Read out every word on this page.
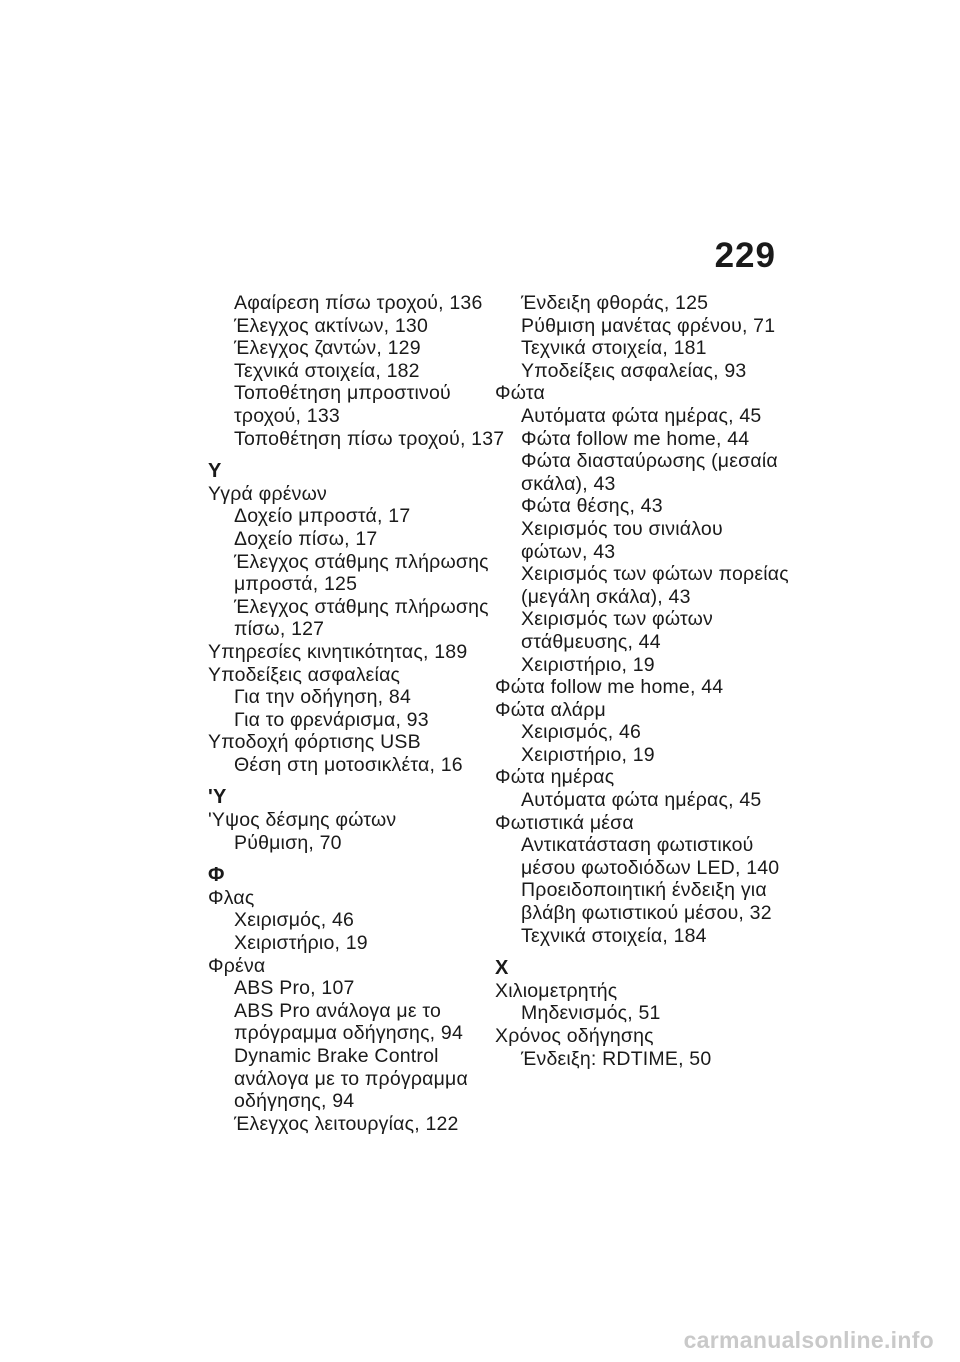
229
Αφαίρεση πίσω τροχού, 136
Έλεγχος ακτίνων, 130
Έλεγχος ζαντών, 129
Τεχνικά στοιχεία, 182
Τοποθέτηση μπροστινού
τροχού, 133
Τοποθέτηση πίσω τροχού, 137
Υ
Υγρά φρένων
Δοχείο μπροστά, 17
Δοχείο πίσω, 17
Έλεγχος στάθμης πλήρωσης
μπροστά, 125
Έλεγχος στάθμης πλήρωσης
πίσω, 127
Υπηρεσίες κινητικότητας, 189
Υποδείξεις ασφαλείας
Για την οδήγηση, 84
Για το φρενάρισμα, 93
Υποδοχή φόρτισης USB
Θέση στη μοτοσικλέτα, 16
'Υ
'Υψος δέσμης φώτων
Ρύθμιση, 70
Φ
Φλας
Χειρισμός, 46
Χειριστήριο, 19
Φρένα
ABS Pro, 107
ABS Pro ανάλογα με το
πρόγραμμα οδήγησης, 94
Dynamic Brake Control
ανάλογα με το πρόγραμμα
οδήγησης, 94
Έλεγχος λειτουργίας, 122
Ένδειξη φθοράς, 125
Ρύθμιση μανέτας φρένου, 71
Τεχνικά στοιχεία, 181
Υποδείξεις ασφαλείας, 93
Φώτα
Αυτόματα φώτα ημέρας, 45
Φώτα follow me home, 44
Φώτα διασταύρωσης (μεσαία
σκάλα), 43
Φώτα θέσης, 43
Χειρισμός του σινιάλου
φώτων, 43
Χειρισμός των φώτων πορείας
(μεγάλη σκάλα), 43
Χειρισμός των φώτων
στάθμευσης, 44
Χειριστήριο, 19
Φώτα follow me home, 44
Φώτα αλάρμ
Χειρισμός, 46
Χειριστήριο, 19
Φώτα ημέρας
Αυτόματα φώτα ημέρας, 45
Φωτιστικά μέσα
Αντικατάσταση φωτιστικού
μέσου φωτοδιόδων LED, 140
Προειδοποιητική ένδειξη για
βλάβη φωτιστικού μέσου, 32
Τεχνικά στοιχεία, 184
Χ
Χιλιομετρητής
Μηδενισμός, 51
Χρόνος οδήγησης
Ένδειξη: RDTIME, 50
carmanualsonline.info
